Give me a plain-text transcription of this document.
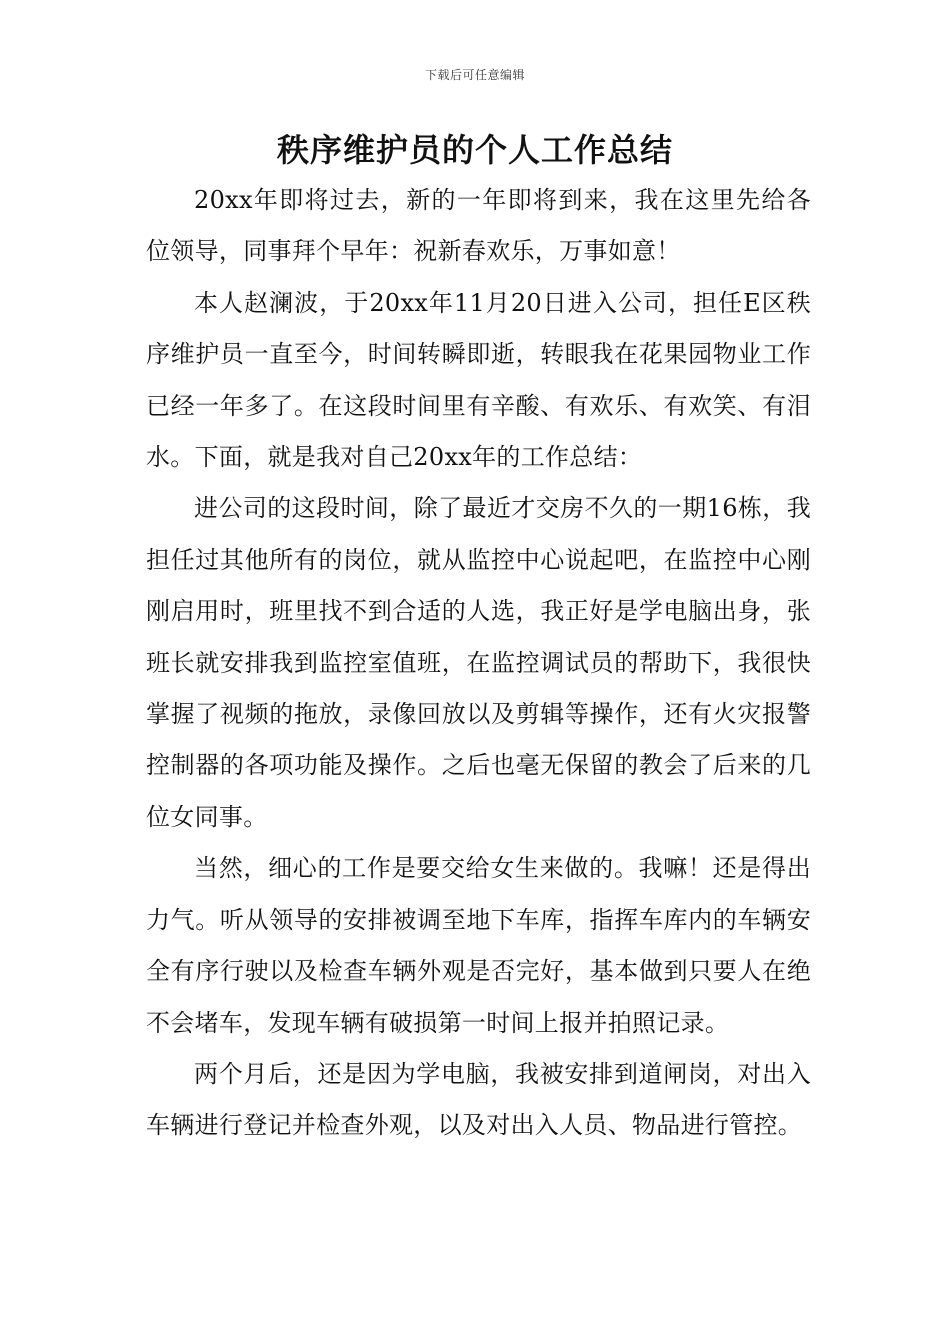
下载后可任意编辑
秩序维护员的个人工作总结

20xx年即将过去，新的一年即将到来，我在这里先给各位领导，同事拜个早年：祝新春欢乐，万事如意！

本人赵澜波，于20xx年11月20日进入公司，担任E区秩序维护员一直至今，时间转瞬即逝，转眼我在花果园物业工作已经一年多了。在这段时间里有辛酸、有欢乐、有欢笑、有泪水。下面，就是我对自己20xx年的工作总结：

进公司的这段时间，除了最近才交房不久的一期16栋，我担任过其他所有的岗位，就从监控中心说起吧，在监控中心刚刚启用时，班里找不到合适的人选，我正好是学电脑出身，张班长就安排我到监控室值班，在监控调试员的帮助下，我很快掌握了视频的拖放，录像回放以及剪辑等操作，还有火灾报警控制器的各项功能及操作。之后也毫无保留的教会了后来的几位女同事。

当然，细心的工作是要交给女生来做的。我嘛！还是得出力气。听从领导的安排被调至地下车库，指挥车库内的车辆安全有序行驶以及检查车辆外观是否完好，基本做到只要人在绝不会堵车，发现车辆有破损第一时间上报并拍照记录。

两个月后，还是因为学电脑，我被安排到道闸岗，对出入车辆进行登记并检查外观，以及对出入人员、物品进行管控。
